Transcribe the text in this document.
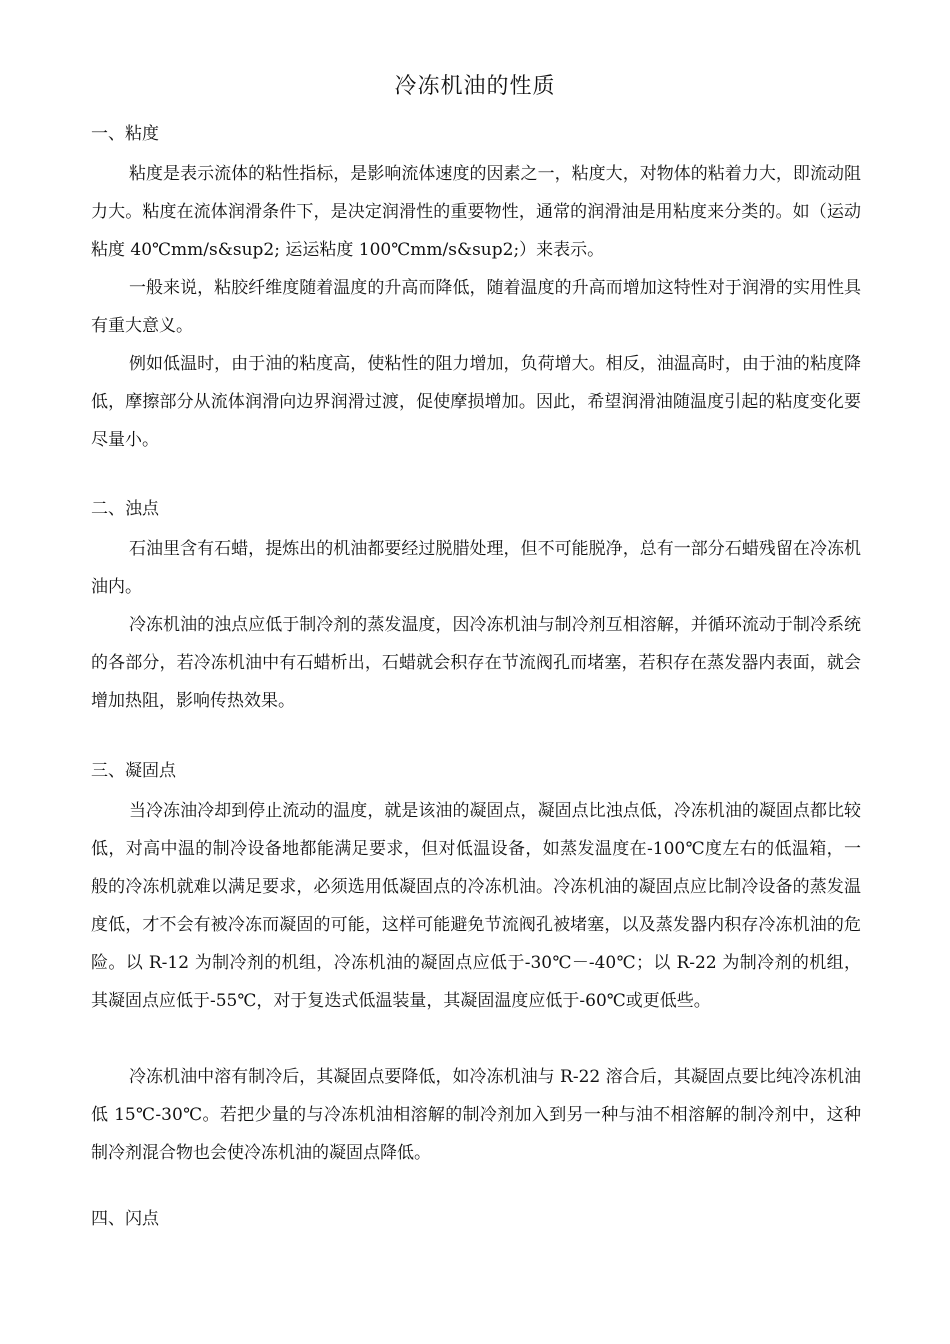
冷冻机油的性质
一、粘度

粘度是表示流体的粘性指标，是影响流体速度的因素之一，粘度大，对物体的粘着力大，即流动阻力大。粘度在流体润滑条件下，是决定润滑性的重要物性，通常的润滑油是用粘度来分类的。如（运动粘度 40℃mm/s&sup2; 运运粘度 100℃mm/s&sup2;）来表示。

一般来说，粘胶纤维度随着温度的升高而降低，随着温度的升高而增加这特性对于润滑的实用性具有重大意义。

例如低温时，由于油的粘度高，使粘性的阻力增加，负荷增大。相反，油温高时，由于油的粘度降低，摩擦部分从流体润滑向边界润滑过渡，促使摩损增加。因此，希望润滑油随温度引起的粘度变化要尽量小。

二、浊点

石油里含有石蜡，提炼出的机油都要经过脱腊处理，但不可能脱净，总有一部分石蜡残留在冷冻机油内。

冷冻机油的浊点应低于制冷剂的蒸发温度，因冷冻机油与制冷剂互相溶解，并循环流动于制冷系统的各部分，若冷冻机油中有石蜡析出，石蜡就会积存在节流阀孔而堵塞，若积存在蒸发器内表面，就会增加热阻，影响传热效果。

三、凝固点

当冷冻油冷却到停止流动的温度，就是该油的凝固点，凝固点比浊点低，冷冻机油的凝固点都比较低，对高中温的制冷设备地都能满足要求，但对低温设备，如蒸发温度在-100℃度左右的低温箱，一般的冷冻机就难以满足要求，必须选用低凝固点的冷冻机油。冷冻机油的凝固点应比制冷设备的蒸发温度低，才不会有被冷冻而凝固的可能，这样可能避免节流阀孔被堵塞，以及蒸发器内积存冷冻机油的危险。以 R-12 为制冷剂的机组，冷冻机油的凝固点应低于-30℃－-40℃；以 R-22 为制冷剂的机组，其凝固点应低于-55℃，对于复迭式低温装量，其凝固温度应低于-60℃或更低些。

冷冻机油中溶有制冷后，其凝固点要降低，如冷冻机油与 R-22 溶合后，其凝固点要比纯冷冻机油低 15℃-30℃。若把少量的与冷冻机油相溶解的制冷剂加入到另一种与油不相溶解的制冷剂中，这种制冷剂混合物也会使冷冻机油的凝固点降低。

四、闪点
